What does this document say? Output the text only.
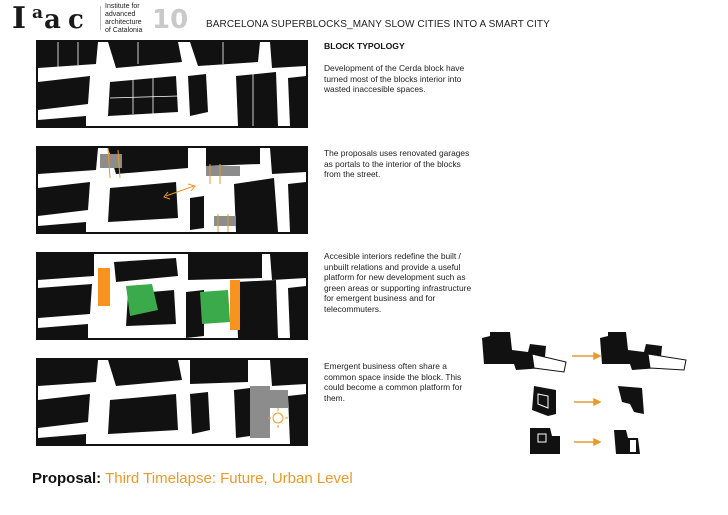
I a a c	Institute for
advanced
architecture
of Catalonia 10 BARCELONA SUPERBLOCKS_MANY SLOW CITIES INTO A SMART CITY
BLOCK TYPOLOGY
Development of the Cerda block have turned most of the blocks interior into wasted inaccesible spaces.
The proposals uses renovated garages as portals to the interior of the blocks from the street.
Accesible interiors redefine the built / unbuilt relations and provide a useful platform for new development such as green areas or supporting infrastructure for emergent business and for telecommuters.
Emergent business often share a common space inside the block. This could become a common platform for them.
Proposal: Third Timelapse: Future, Urban Level
